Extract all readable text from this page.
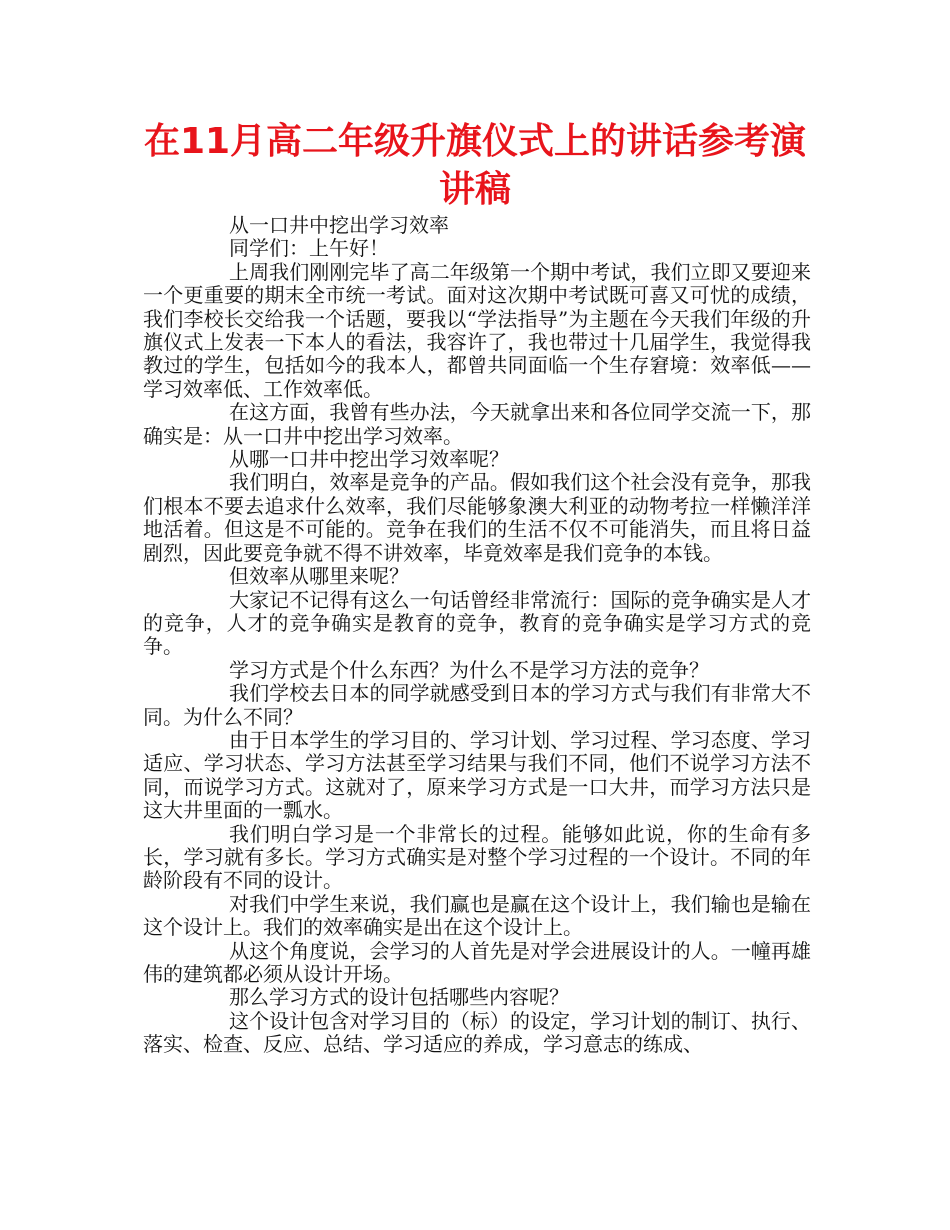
在11月高二年级升旗仪式上的讲话参考演讲稿

从一口井中挖出学习效率

同学们：上午好！

上周我们刚刚完毕了高二年级第一个期中考试，我们立即又要迎来一个更重要的期末全市统一考试。面对这次期中考试既可喜又可忧的成绩，我们李校长交给我一个话题，要我以“学法指导”为主题在今天我们年级的升旗仪式上发表一下本人的看法，我容许了，我也带过十几届学生，我觉得我教过的学生，包括如今的我本人，都曾共同面临一个生存窘境：效率低——学习效率低、工作效率低。

在这方面，我曾有些办法，今天就拿出来和各位同学交流一下，那确实是：从一口井中挖出学习效率。

从哪一口井中挖出学习效率呢？

我们明白，效率是竞争的产品。假如我们这个社会没有竞争，那我们根本不要去追求什么效率，我们尽能够象澳大利亚的动物考拉一样懒洋洋地活着。但这是不可能的。竞争在我们的生活不仅不可能消失，而且将日益剧烈，因此要竞争就不得不讲效率，毕竟效率是我们竞争的本钱。

但效率从哪里来呢？

大家记不记得有这么一句话曾经非常流行：国际的竞争确实是人才的竞争，人才的竞争确实是教育的竞争，教育的竞争确实是学习方式的竞争。

学习方式是个什么东西？为什么不是学习方法的竞争？

我们学校去日本的同学就感受到日本的学习方式与我们有非常大不同。为什么不同？

由于日本学生的学习目的、学习计划、学习过程、学习态度、学习适应、学习状态、学习方法甚至学习结果与我们不同，他们不说学习方法不同，而说学习方式。这就对了，原来学习方式是一口大井，而学习方法只是这大井里面的一瓢水。

我们明白学习是一个非常长的过程。能够如此说，你的生命有多长，学习就有多长。学习方式确实是对整个学习过程的一个设计。不同的年龄阶段有不同的设计。

对我们中学生来说，我们赢也是赢在这个设计上，我们输也是输在这个设计上。我们的效率确实是出在这个设计上。

从这个角度说，会学习的人首先是对学会进展设计的人。一幢再雄伟的建筑都必须从设计开场。

那么学习方式的设计包括哪些内容呢？

这个设计包含对学习目的（标）的设定，学习计划的制订、执行、落实、检查、反应、总结、学习适应的养成，学习意志的练成、
